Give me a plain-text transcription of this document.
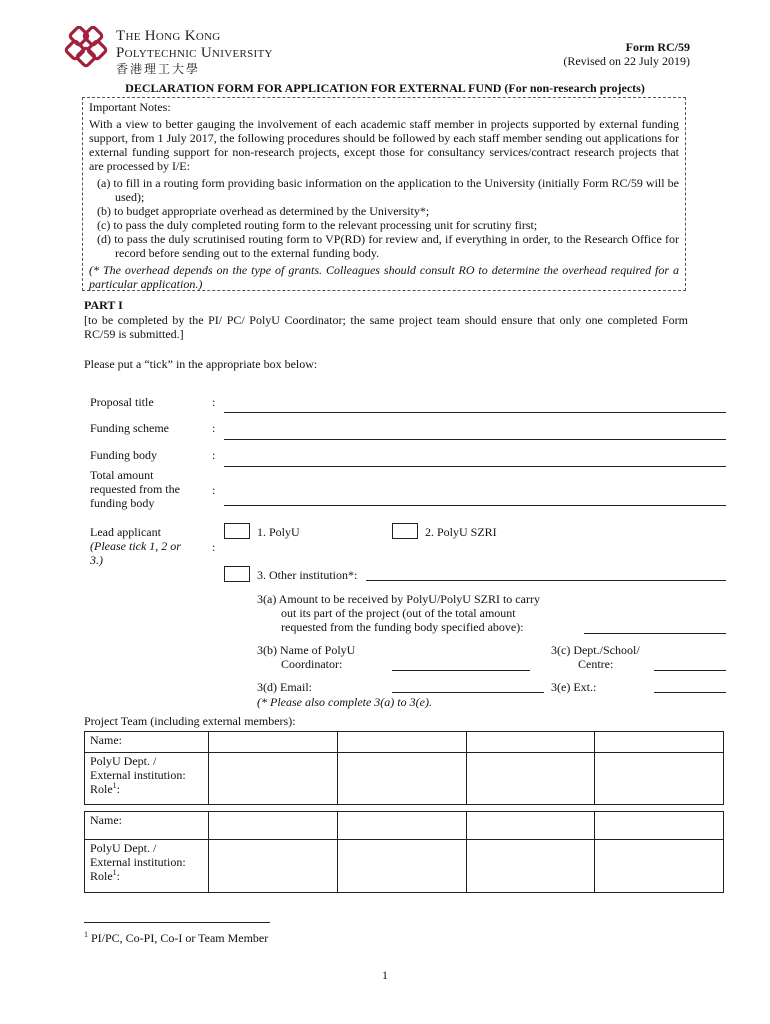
The Hong Kong
Polytechnic University
香港理工大學
Form RC/59
(Revised on 22 July 2019)
DECLARATION FORM FOR APPLICATION FOR EXTERNAL FUND (For non-research projects)

Important Notes:

With a view to better gauging the involvement of each academic staff member in projects supported by external funding support, from 1 July 2017, the following procedures should be followed by each staff member sending out applications for external funding support for non-research projects, except those for consultancy services/contract research projects that are processed by I/E:

(a) to fill in a routing form providing basic information on the application to the University (initially Form RC/59 will be used);

(b) to budget appropriate overhead as determined by the University*;

(c) to pass the duly completed routing form to the relevant processing unit for scrutiny first;

(d) to pass the duly scrutinised routing form to VP(RD) for review and, if everything in order, to the Research Office for record before sending out to the external funding body.

(* The overhead depends on the type of grants. Colleagues should consult RO to determine the overhead required for a particular application.)

PART I
[to be completed by the PI/ PC/ PolyU Coordinator; the same project team should ensure that only one completed Form RC/59 is submitted.]
Please put a “tick” in the appropriate box below:
Proposal title	:
Funding scheme	:
Funding body	:
Total amount
requested from the
funding body
:
Lead applicant
(Please tick 1, 2 or
3.)
:
1. PolyU	2. PolyU SZRI
3. Other institution*:
3(a) Amount to be received by PolyU/PolyU SZRI to carry
out its part of the project (out of the total amount
requested from the funding body specified above):
3(b) Name of PolyU
Coordinator:
3(c) Dept./School/
Centre:
3(d) Email:	3(e) Ext.:
(* Please also complete 3(a) to 3(e).
Project Team (including external members):
Name:				

PolyU Dept. /
External institution:
Role$^1$:				

Name:				

PolyU Dept. /
External institution:
Role$^1$:				

$^1$ PI/PC, Co-PI, Co-I or Team Member
1
